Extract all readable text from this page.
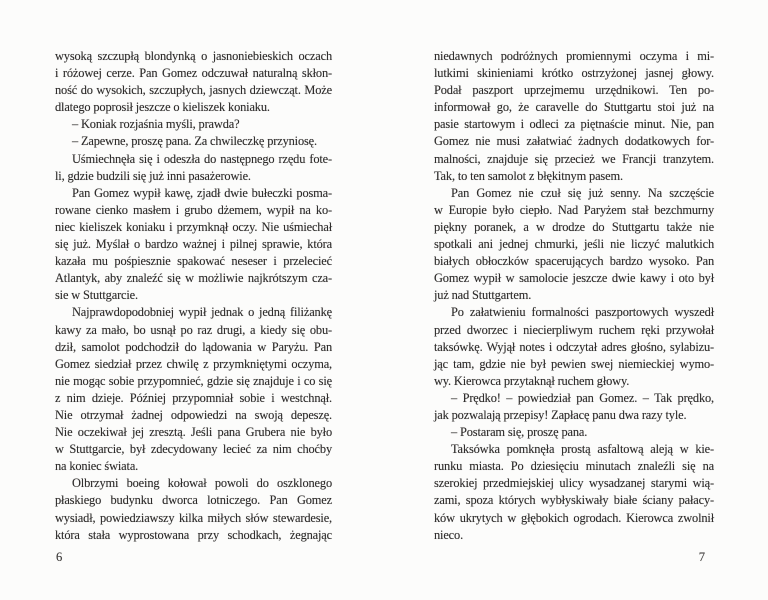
wysoką szczupłą blondynką o jasnoniebieskich oczach
i różowej cerze. Pan Gomez odczuwał naturalną skłon-
ność do wysokich, szczupłych, jasnych dziewcząt. Może
dlatego poprosił jeszcze o kieliszek koniaku.
– Koniak rozjaśnia myśli, prawda?
– Zapewne, proszę pana. Za chwileczkę przyniosę.
Uśmiechnęła się i odeszła do następnego rzędu fote-
li, gdzie budzili się już inni pasażerowie.
Pan Gomez wypił kawę, zjadł dwie bułeczki posma-
rowane cienko masłem i grubo dżemem, wypił na ko-
niec kieliszek koniaku i przymknął oczy. Nie uśmiechał
się już. Myślał o bardzo ważnej i pilnej sprawie, która
kazała mu pośpiesznie spakować neseser i przelecieć
Atlantyk, aby znaleźć się w możliwie najkrótszym cza-
sie w Stuttgarcie.
Najprawdopodobniej wypił jednak o jedną filiżankę
kawy za mało, bo usnął po raz drugi, a kiedy się obu-
dził, samolot podchodził do lądowania w Paryżu. Pan
Gomez siedział przez chwilę z przymkniętymi oczyma,
nie mogąc sobie przypomnieć, gdzie się znajduje i co się
z nim dzieje. Później przypomniał sobie i westchnął.
Nie otrzymał żadnej odpowiedzi na swoją depeszę.
Nie oczekiwał jej zresztą. Jeśli pana Grubera nie było
w Stuttgarcie, był zdecydowany lecieć za nim choćby
na koniec świata.
Olbrzymi boeing kołował powoli do oszklonego
płaskiego budynku dworca lotniczego. Pan Gomez
wysiadł, powiedziawszy kilka miłych słów stewardesie,
która stała wyprostowana przy schodkach, żegnając
6
niedawnych podróżnych promiennymi oczyma i mi-
lutkimi skinieniami krótko ostrzyżonej jasnej głowy.
Podał paszport uprzejmemu urzędnikowi. Ten po-
informował go, że caravelle do Stuttgartu stoi już na
pasie startowym i odleci za piętnaście minut. Nie, pan
Gomez nie musi załatwiać żadnych dodatkowych for-
malności, znajduje się przecież we Francji tranzytem.
Tak, to ten samolot z błękitnym pasem.
Pan Gomez nie czuł się już senny. Na szczęście
w Europie było ciepło. Nad Paryżem stał bezchmurny
piękny poranek, a w drodze do Stuttgartu także nie
spotkali ani jednej chmurki, jeśli nie liczyć malutkich
białych obłoczków spacerujących bardzo wysoko. Pan
Gomez wypił w samolocie jeszcze dwie kawy i oto był
już nad Stuttgartem.
Po załatwieniu formalności paszportowych wyszedł
przed dworzec i niecierpliwym ruchem ręki przywołał
taksówkę. Wyjął notes i odczytał adres głośno, sylabizu-
jąc tam, gdzie nie był pewien swej niemieckiej wymo-
wy. Kierowca przytaknął ruchem głowy.
– Prędko! – powiedział pan Gomez. – Tak prędko,
jak pozwalają przepisy! Zapłacę panu dwa razy tyle.
– Postaram się, proszę pana.
Taksówka pomknęła prostą asfaltową aleją w kie-
runku miasta. Po dziesięciu minutach znaleźli się na
szerokiej przedmiejskiej ulicy wysadzanej starymi wią-
zami, spoza których wybłyskiwały białe ściany pałacy-
ków ukrytych w głębokich ogrodach. Kierowca zwolnił
nieco.
7
